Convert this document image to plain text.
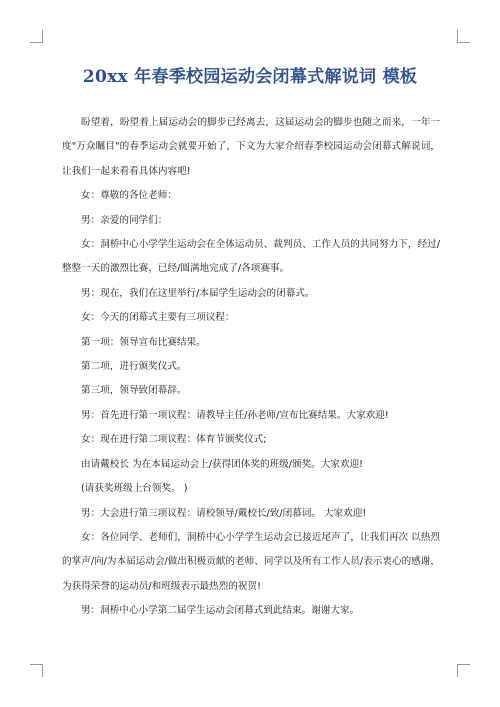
20xx 年春季校园运动会闭幕式解说词 模板

盼望着，盼望着上届运动会的脚步已经离去，这届运动会的脚步也随之而来，一年一度"万众瞩目"的春季运动会就要开始了，下文为大家介绍春季校园运动会闭幕式解说词，让我们一起来看看具体内容吧!

女：尊敬的各位老师：

男：亲爱的同学们：

女：洞桥中心小学学生运动会在全体运动员、裁判员、工作人员的共同努力下，经过/整整一天的激烈比赛，已经/圆满地完成了/各项赛事。

男：现在，我们在这里举行/本届学生运动会的闭幕式。

女：今天的闭幕式主要有三项议程：

第一项：领导宣布比赛结果。

第二项，进行颁奖仪式。

第三项，领导致闭幕辞。

男：首先进行第一项议程：请教导主任/孙老师/宣布比赛结果。大家欢迎!

女：现在进行第二项议程：体育节颁奖仪式;

由请戴校长 为在本届运动会上/获得团体奖的班级/颁奖。大家欢迎!

(请获奖班级上台领奖。 )

男：大会进行第三项议程：请校领导/戴校长/致/闭幕词。 大家欢迎!

女：各位同学、老师们，洞桥中心小学学生运动会已接近尾声了，让我们再次 以热烈的掌声/向/为本届运动会/做出积极贡献的老师、同学以及所有工作人员/表示衷心的感谢，为获得荣誉的运动员/和班级表示最热烈的祝贺!

男：洞桥中心小学第二届学生运动会闭幕式到此结束。谢谢大家。
